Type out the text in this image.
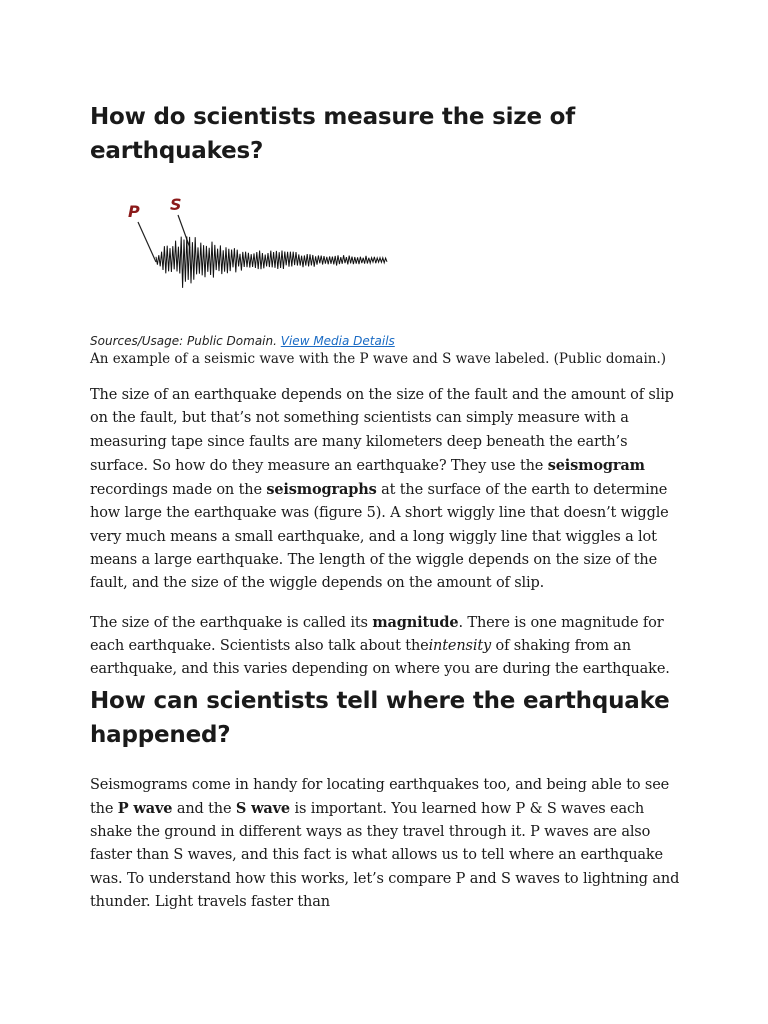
How do scientists measure the size of earthquakes?
P S
Sources/Usage: Public Domain. View Media Details

An example of a seismic wave with the P wave and S wave labeled. (Public domain.)

The size of an earthquake depends on the size of the fault and the amount of slip on the fault, but that’s not something scientists can simply measure with a measuring tape since faults are many kilometers deep beneath the earth’s surface. So how do they measure an earthquake? They use the seismogram recordings made on the seismographs at the surface of the earth to determine how large the earthquake was (figure 5). A short wiggly line that doesn’t wiggle very much means a small earthquake, and a long wiggly line that wiggles a lot means a large earthquake. The length of the wiggle depends on the size of the fault, and the size of the wiggle depends on the amount of slip.

The size of the earthquake is called its magnitude. There is one magnitude for each earthquake. Scientists also talk about theintensity of shaking from an earthquake, and this varies depending on where you are during the earthquake.

How can scientists tell where the earthquake happened?

Seismograms come in handy for locating earthquakes too, and being able to see the P wave and the S wave is important. You learned how P & S waves each shake the ground in different ways as they travel through it. P waves are also faster than S waves, and this fact is what allows us to tell where an earthquake was. To understand how this works, let’s compare P and S waves to lightning and thunder. Light travels faster than
